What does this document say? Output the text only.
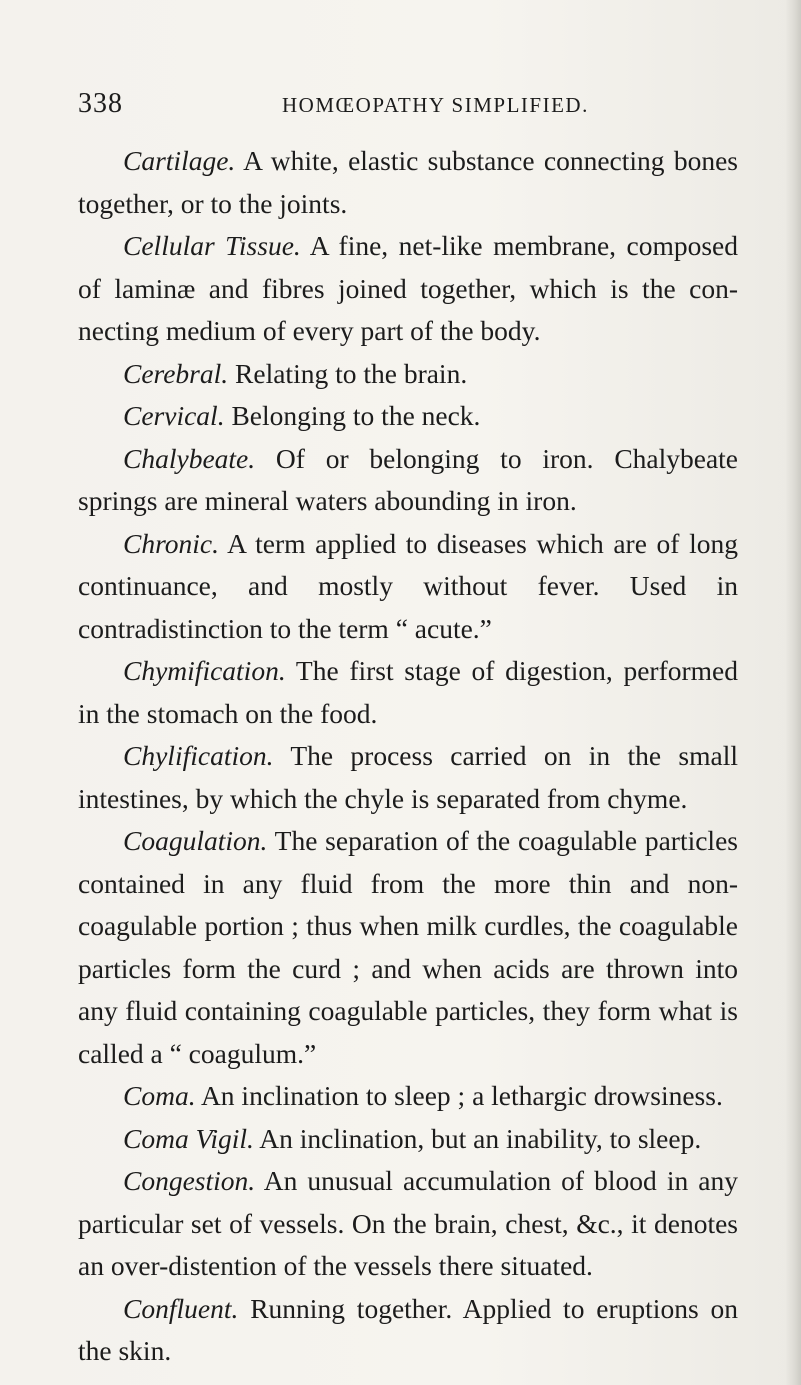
338	HOMŒOPATHY SIMPLIFIED.

Cartilage. A white, elastic substance connecting bones together, or to the joints.

Cellular Tissue. A fine, net-like membrane, composed of laminæ and fibres joined together, which is the connecting medium of every part of the body.

Cerebral. Relating to the brain.

Cervical. Belonging to the neck.

Chalybeate. Of or belonging to iron. Chalybeate springs are mineral waters abounding in iron.

Chronic. A term applied to diseases which are of long continuance, and mostly without fever. Used in contradistinction to the term “ acute.”

Chymification. The first stage of digestion, performed in the stomach on the food.

Chylification. The process carried on in the small intestines, by which the chyle is separated from chyme.

Coagulation. The separation of the coagulable particles contained in any fluid from the more thin and non-coagulable portion ; thus when milk curdles, the coagulable particles form the curd ; and when acids are thrown into any fluid containing coagulable particles, they form what is called a “ coagulum.”

Coma. An inclination to sleep ; a lethargic drowsiness.

Coma Vigil. An inclination, but an inability, to sleep.

Congestion. An unusual accumulation of blood in any particular set of vessels. On the brain, chest, &c., it denotes an over-distention of the vessels there situated.

Confluent. Running together. Applied to eruptions on the skin.
